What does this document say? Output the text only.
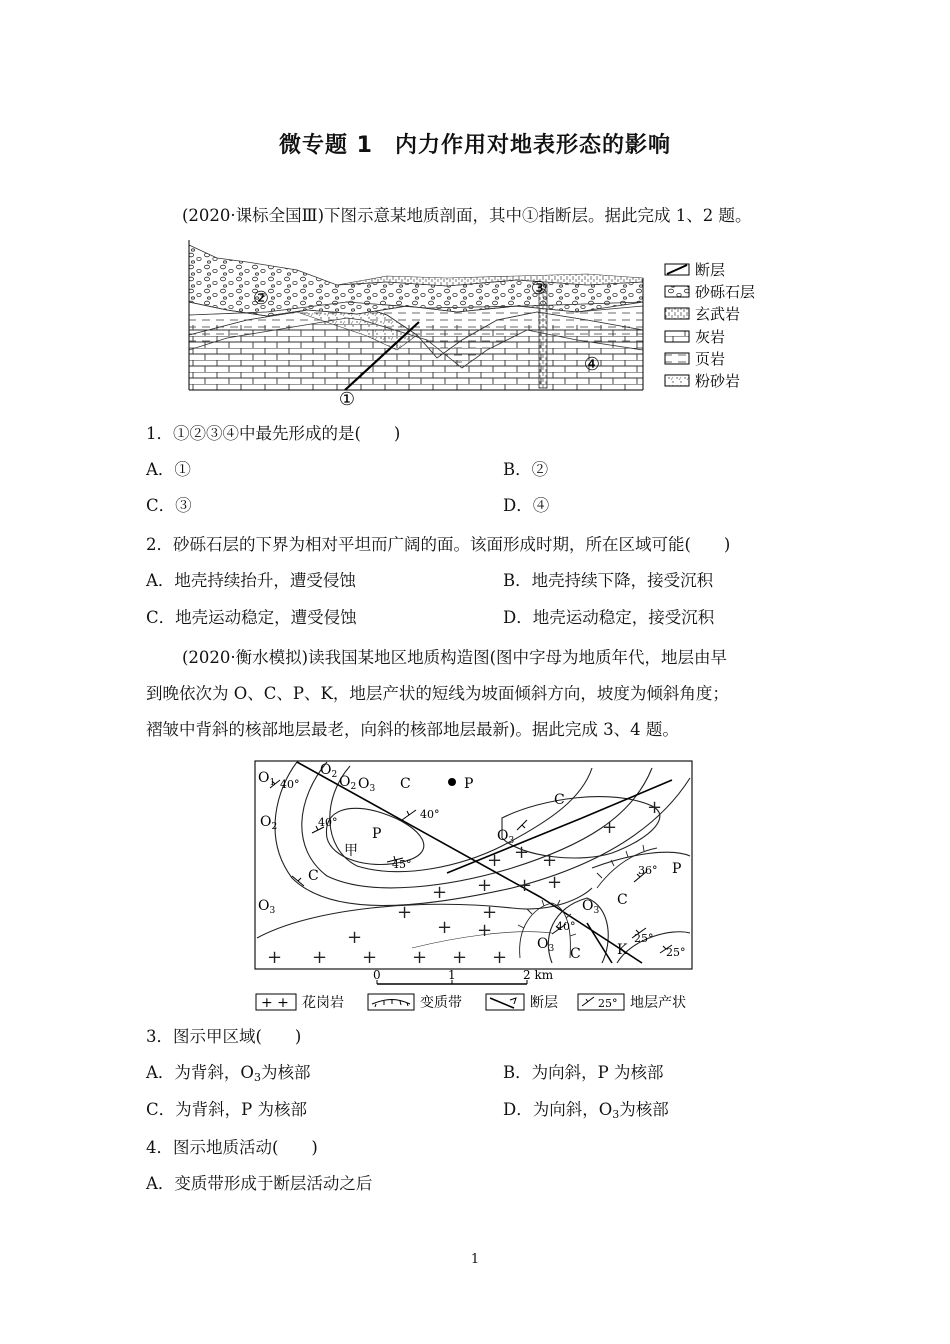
微专题 1 内力作用对地表形态的影响
(2020·课标全国Ⅲ)下图示意某地质剖面，其中①指断层。据此完成 1、2 题。
①
②	③
④
断层
砂砾石层
玄武岩
灰岩
页岩
粉砂岩
1．①②③④中最先形成的是(　　)
A．①	B．②
C．③	D．④
2．砂砾石层的下界为相对平坦而广阔的面。该面形成时期，所在区域可能(　　)
A．地壳持续抬升，遭受侵蚀	B．地壳持续下降，接受沉积
C．地壳运动稳定，遭受侵蚀	D．地壳运动稳定，接受沉积
(2020·衡水模拟)读我国某地区地质构造图(图中字母为地质年代，地层由早
到晚依次为 O、C、P、K，地层产状的短线为坡面倾斜方向，坡度为倾斜角度；
褶皱中背斜的核部地层最老，向斜的核部地层最新)。据此完成 3、4 题。
+ + +
+
+
+ + +
+
+ +
+
+ + + + + +
+
+
$O_1$
$O_2$ $O_2$ $O_3$ C	P
C
$O_2$	P
甲
$O_3$
C
$O_3$
P
C
$O_3$
$O_3$ C	K
40°
40°
40°
45°	36°
40°
25°
25°
0	1	2 km
+ + 花岗岩	变质带	断层	25° 地层产状
3．图示甲区域(　　)
A．为背斜，$O_3$为核部	B．为向斜，P 为核部
C．为背斜，P 为核部	D．为向斜，$O_3$为核部
4．图示地质活动(　　)
A．变质带形成于断层活动之后
1
